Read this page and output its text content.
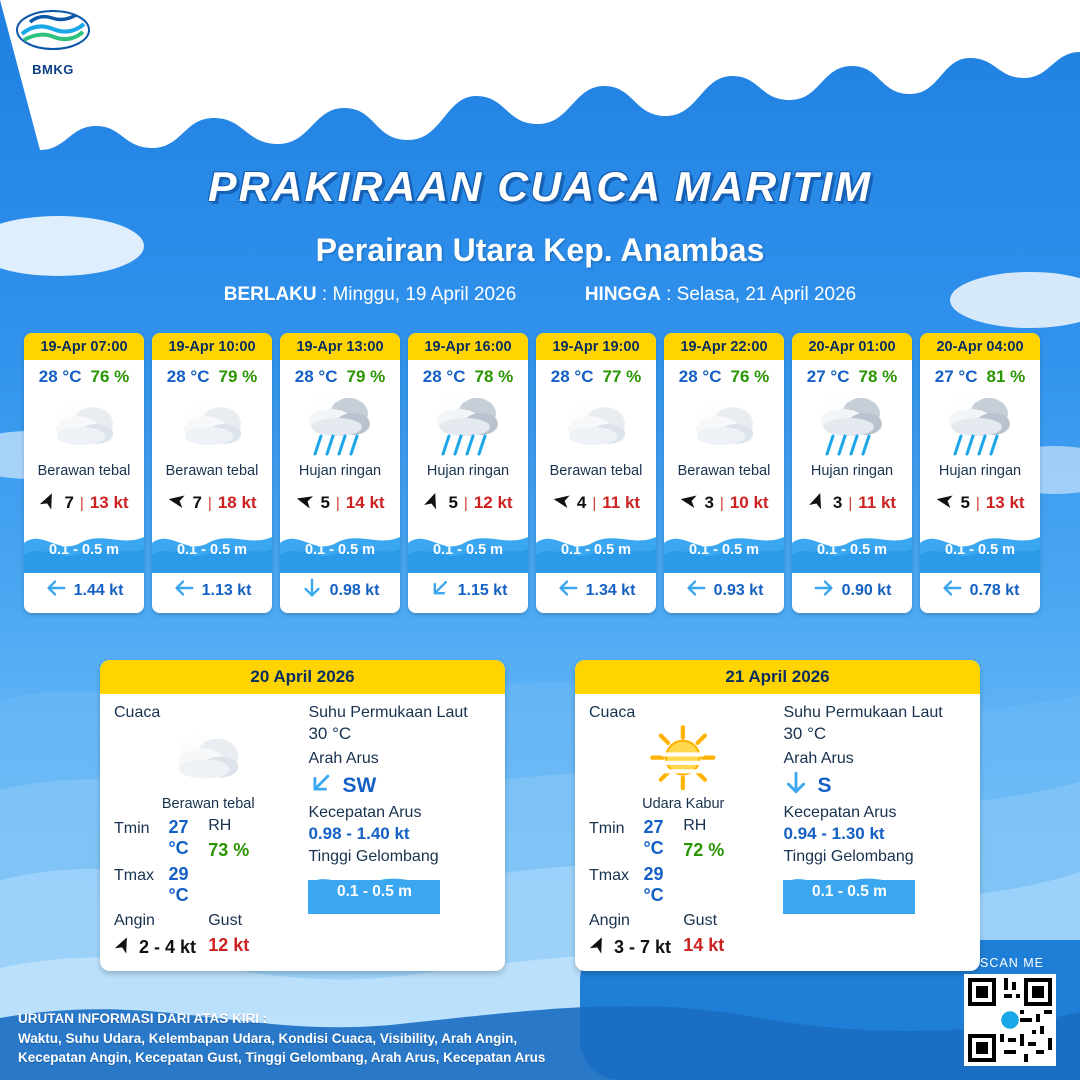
BMKG
BADAN METEOROLOGI KLIMATOLOGI DAN GEOFISIKA
Stasiun Meteorologi Maritim Natuna
PRAKIRAAN CUACA MARITIM
Perairan Utara Kep. Anambas
BERLAKU : Minggu, 19 April 2026	HINGGA : Selasa, 21 April 2026
19-Apr 07:00
28 °C 76 %
Berawan tebal
7 | 13 kt
0.1 - 0.5 m
1.44 kt
19-Apr 10:00
28 °C 79 %
Berawan tebal
7 | 18 kt
0.1 - 0.5 m
1.13 kt
19-Apr 13:00
28 °C 79 %
Hujan ringan
5 | 14 kt
0.1 - 0.5 m
0.98 kt
19-Apr 16:00
28 °C 78 %
Hujan ringan
5 | 12 kt
0.1 - 0.5 m
1.15 kt
19-Apr 19:00
28 °C 77 %
Berawan tebal
4 | 11 kt
0.1 - 0.5 m
1.34 kt
19-Apr 22:00
28 °C 76 %
Berawan tebal
3 | 10 kt
0.1 - 0.5 m
0.93 kt
20-Apr 01:00
27 °C 78 %
Hujan ringan
3 | 11 kt
0.1 - 0.5 m
0.90 kt
20-Apr 04:00
27 °C 81 %
Hujan ringan
5 | 13 kt
0.1 - 0.5 m
0.78 kt
20 April 2026
Cuaca
Berawan tebal
Tmin	27 °C
Tmax 29 °C
RH
73 %
Angin
2 - 4 kt
Gust
12 kt
Suhu Permukaan Laut
30 °C
Arah Arus
SW
Kecepatan Arus
0.98 - 1.40 kt
Tinggi Gelombang
0.1 - 0.5 m
21 April 2026
Cuaca
Udara Kabur
Tmin	27 °C
Tmax 29 °C
RH
72 %
Angin
3 - 7 kt
Gust
14 kt
Suhu Permukaan Laut
30 °C
Arah Arus
S
Kecepatan Arus
0.94 - 1.30 kt
Tinggi Gelombang
0.1 - 0.5 m
URUTAN INFORMASI DARI ATAS KIRI :
Waktu, Suhu Udara, Kelembapan Udara, Kondisi Cuaca, Visibility, Arah Angin,
Kecepatan Angin, Kecepatan Gust, Tinggi Gelombang, Arah Arus, Kecepatan Arus
SCAN ME
